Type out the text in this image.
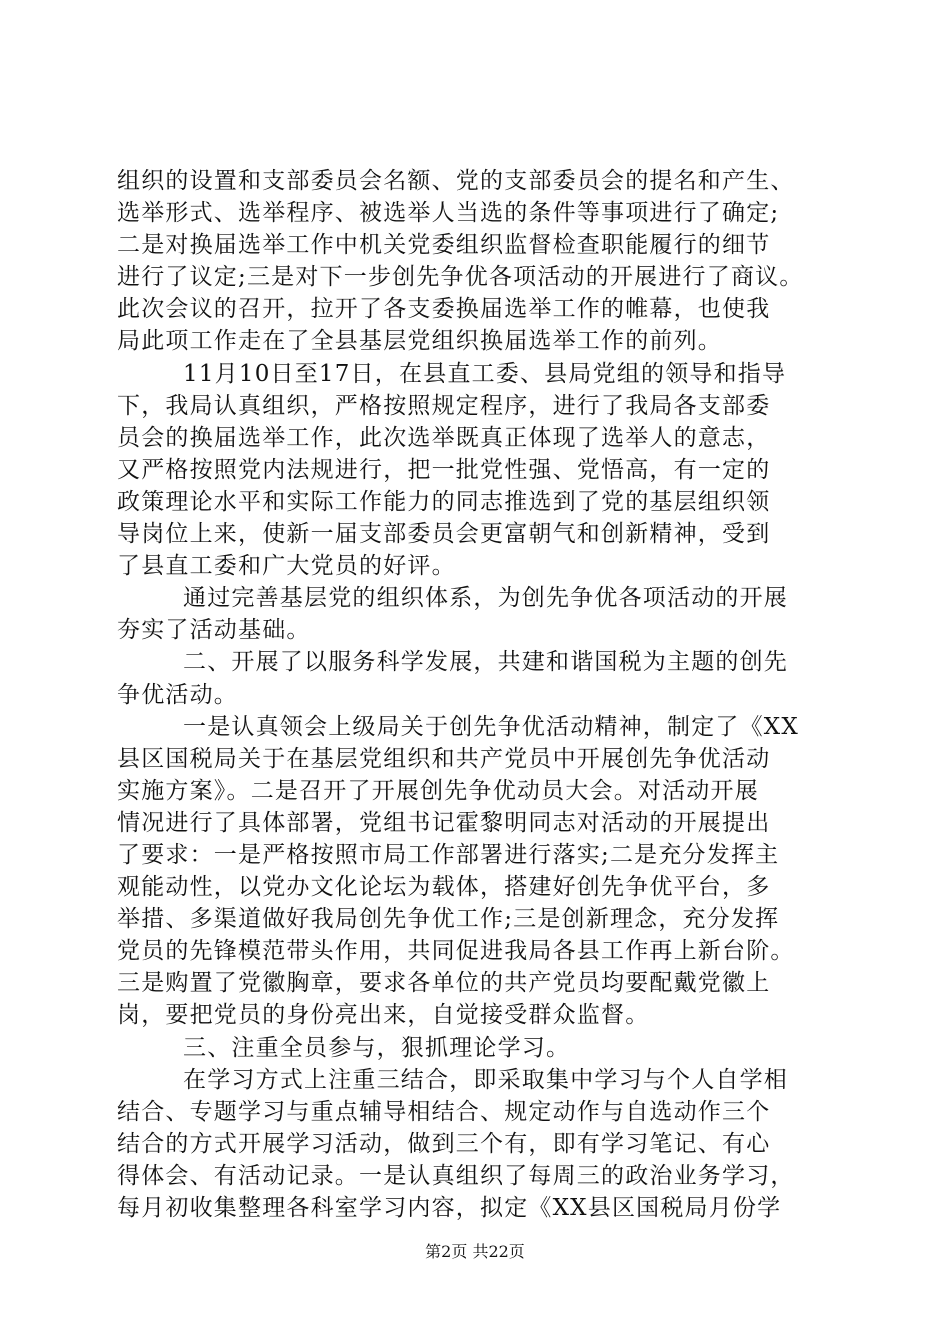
组织的设置和支部委员会名额、党的支部委员会的提名和产生、
选举形式、选举程序、被选举人当选的条件等事项进行了确定;
二是对换届选举工作中机关党委组织监督检查职能履行的细节
进行了议定;三是对下一步创先争优各项活动的开展进行了商议。
此次会议的召开，拉开了各支委换届选举工作的帷幕，也使我
局此项工作走在了全县基层党组织换届选举工作的前列。
11月10日至17日，在县直工委、县局党组的领导和指导
下，我局认真组织，严格按照规定程序，进行了我局各支部委
员会的换届选举工作，此次选举既真正体现了选举人的意志，
又严格按照党内法规进行，把一批党性强、党悟高，有一定的
政策理论水平和实际工作能力的同志推选到了党的基层组织领
导岗位上来，使新一届支部委员会更富朝气和创新精神，受到
了县直工委和广大党员的好评。
通过完善基层党的组织体系，为创先争优各项活动的开展
夯实了活动基础。
二、开展了以服务科学发展，共建和谐国税为主题的创先
争优活动。
一是认真领会上级局关于创先争优活动精神，制定了《XX
县区国税局关于在基层党组织和共产党员中开展创先争优活动
实施方案》。二是召开了开展创先争优动员大会。对活动开展
情况进行了具体部署，党组书记霍黎明同志对活动的开展提出
了要求：一是严格按照市局工作部署进行落实;二是充分发挥主
观能动性，以党办文化论坛为载体，搭建好创先争优平台，多
举措、多渠道做好我局创先争优工作;三是创新理念，充分发挥
党员的先锋模范带头作用，共同促进我局各县工作再上新台阶。
三是购置了党徽胸章，要求各单位的共产党员均要配戴党徽上
岗，要把党员的身份亮出来，自觉接受群众监督。
三、注重全员参与，狠抓理论学习。
在学习方式上注重三结合，即采取集中学习与个人自学相
结合、专题学习与重点辅导相结合、规定动作与自选动作三个
结合的方式开展学习活动，做到三个有，即有学习笔记、有心
得体会、有活动记录。一是认真组织了每周三的政治业务学习，
每月初收集整理各科室学习内容，拟定《XX县区国税局月份学
第2页 共22页
